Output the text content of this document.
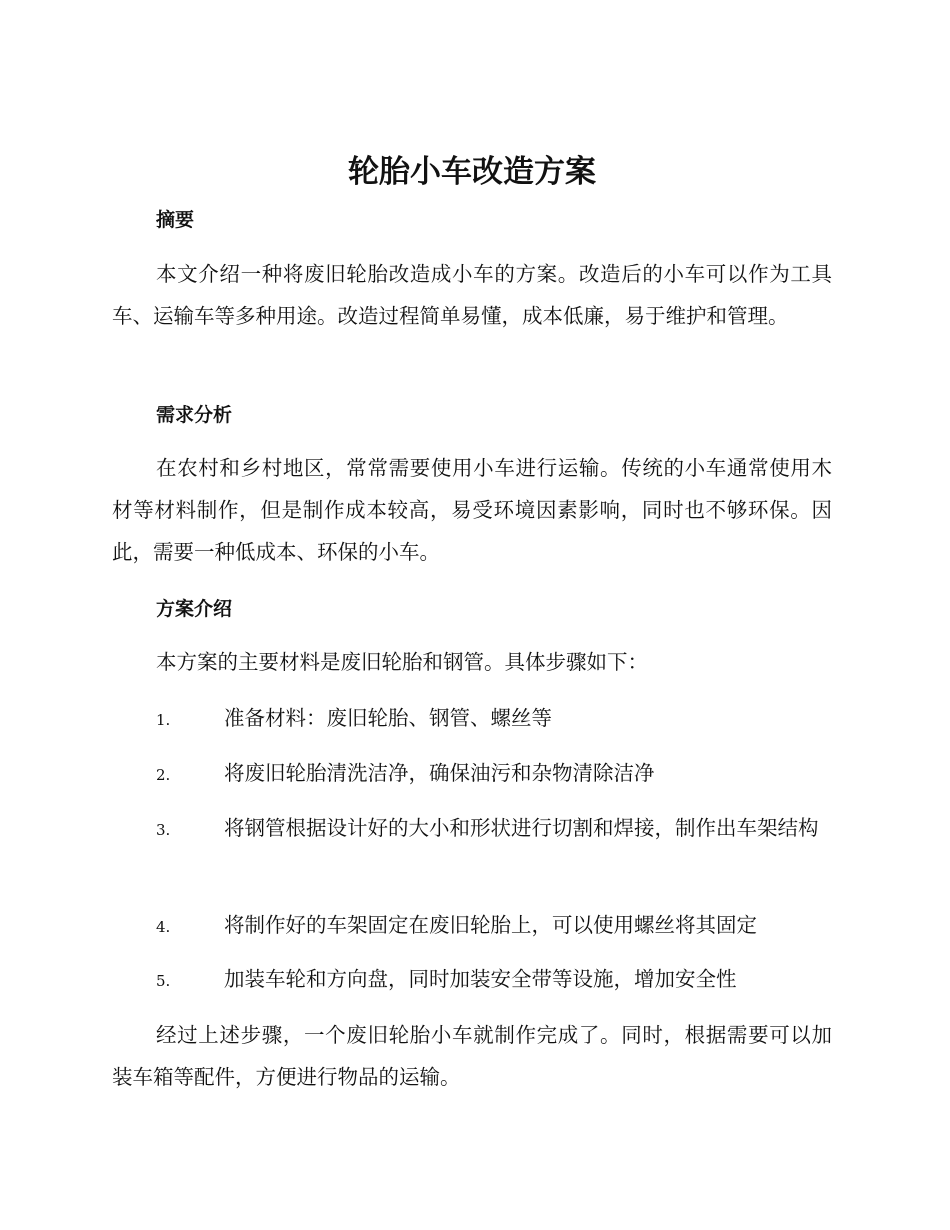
轮胎小车改造方案
摘要

本文介绍一种将废旧轮胎改造成小车的方案。改造后的小车可以作为工具车、运输车等多种用途。改造过程简单易懂，成本低廉，易于维护和管理。

需求分析

在农村和乡村地区，常常需要使用小车进行运输。传统的小车通常使用木材等材料制作，但是制作成本较高，易受环境因素影响，同时也不够环保。因此，需要一种低成本、环保的小车。

方案介绍

本方案的主要材料是废旧轮胎和钢管。具体步骤如下：

1.	准备材料：废旧轮胎、钢管、螺丝等

2.	将废旧轮胎清洗洁净，确保油污和杂物清除洁净

3.	将钢管根据设计好的大小和形状进行切割和焊接，制作出车架结构

4.	将制作好的车架固定在废旧轮胎上，可以使用螺丝将其固定

5.	加装车轮和方向盘，同时加装安全带等设施，增加安全性

经过上述步骤，一个废旧轮胎小车就制作完成了。同时，根据需要可以加装车箱等配件，方便进行物品的运输。
